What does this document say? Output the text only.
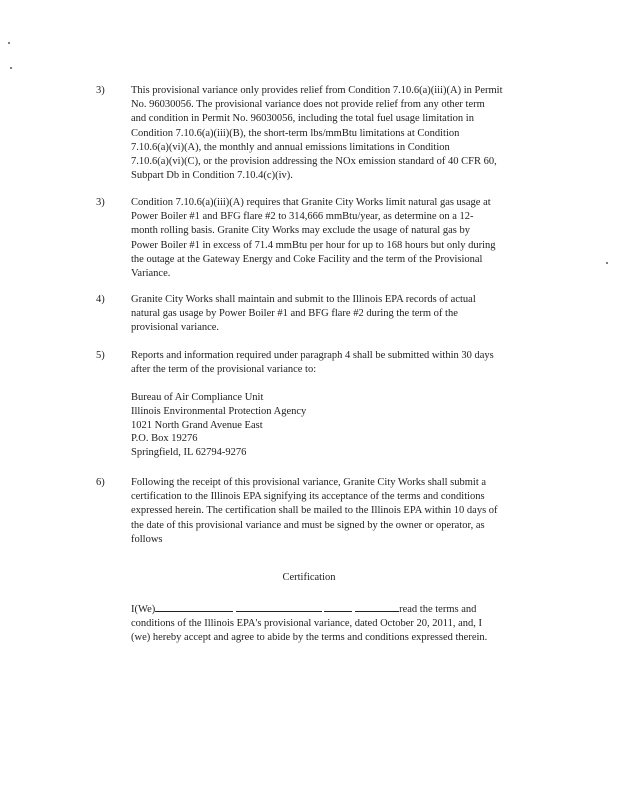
3)	This provisional variance only provides relief from Condition 7.10.6(a)(iii)(A) in Permit
No. 96030056. The provisional variance does not provide relief from any other term
and condition in Permit No. 96030056, including the total fuel usage limitation in
Condition 7.10.6(a)(iii)(B), the short-term lbs/mmBtu limitations at Condition
7.10.6(a)(vi)(A), the monthly and annual emissions limitations in Condition
7.10.6(a)(vi)(C), or the provision addressing the NOx emission standard of 40 CFR 60,
Subpart Db in Condition 7.10.4(c)(iv).
3)	Condition 7.10.6(a)(iii)(A) requires that Granite City Works limit natural gas usage at
Power Boiler #1 and BFG flare #2 to 314,666 mmBtu/year, as determine on a 12-
month rolling basis. Granite City Works may exclude the usage of natural gas by
Power Boiler #1 in excess of 71.4 mmBtu per hour for up to 168 hours but only during
the outage at the Gateway Energy and Coke Facility and the term of the Provisional
Variance.
4)	Granite City Works shall maintain and submit to the Illinois EPA records of actual
natural gas usage by Power Boiler #1 and BFG flare #2 during the term of the
provisional variance.
5)	Reports and information required under paragraph 4 shall be submitted within 30 days
after the term of the provisional variance to:
Bureau of Air Compliance Unit
Illinois Environmental Protection Agency
1021 North Grand Avenue East
P.O. Box 19276
Springfield, IL 62794-9276
6)	Following the receipt of this provisional variance, Granite City Works shall submit a
certification to the Illinois EPA signifying its acceptance of the terms and conditions
expressed herein. The certification shall be mailed to the Illinois EPA within 10 days of
the date of this provisional variance and must be signed by the owner or operator, as
follows
Certification
I(We)	read the terms and
conditions of the Illinois EPA's provisional variance, dated October 20, 2011, and, I
(we) hereby accept and agree to abide by the terms and conditions expressed therein.
